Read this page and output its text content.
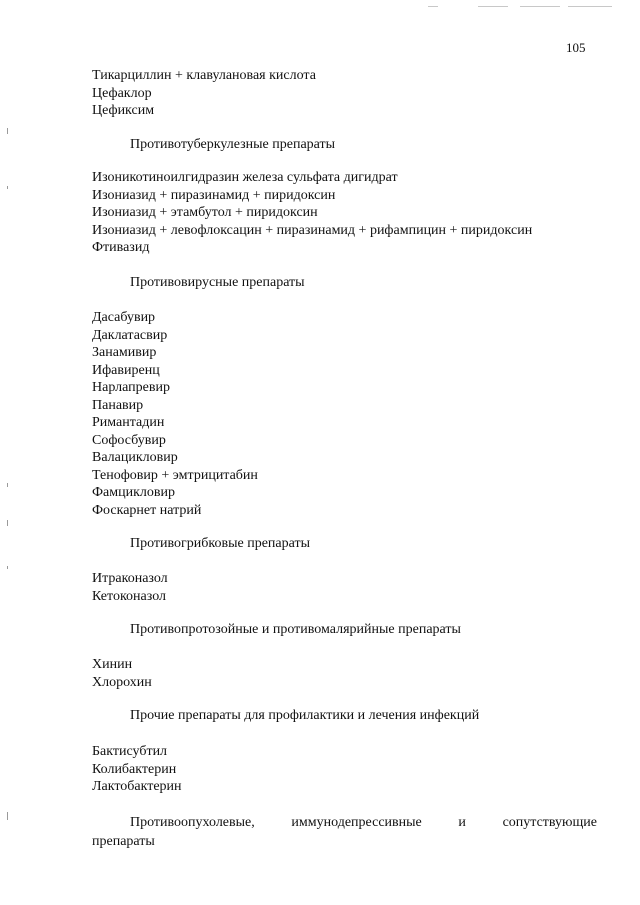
105
Тикарциллин + клавулановая кислота
Цефаклор
Цефиксим
Противотуберкулезные препараты
Изоникотиноилгидразин железа сульфата дигидрат
Изониазид + пиразинамид + пиридоксин
Изониазид + этамбутол + пиридоксин
Изониазид + левофлоксацин + пиразинамид + рифампицин + пиридоксин
Фтивазид
Противовирусные препараты
Дасабувир
Даклатасвир
Занамивир
Ифавиренц
Нарлапревир
Панавир
Римантадин
Софосбувир
Валацикловир
Тенофовир + эмтрицитабин
Фамцикловир
Фоскарнет натрий
Противогрибковые препараты
Итраконазол
Кетоконазол
Противопротозойные и противомалярийные препараты
Хинин
Хлорохин
Прочие препараты для профилактики и лечения инфекций
Бактисубтил
Колибактерин
Лактобактерин
Противоопухолевые,	иммунодепрессивные	и	сопутствующие
препараты
